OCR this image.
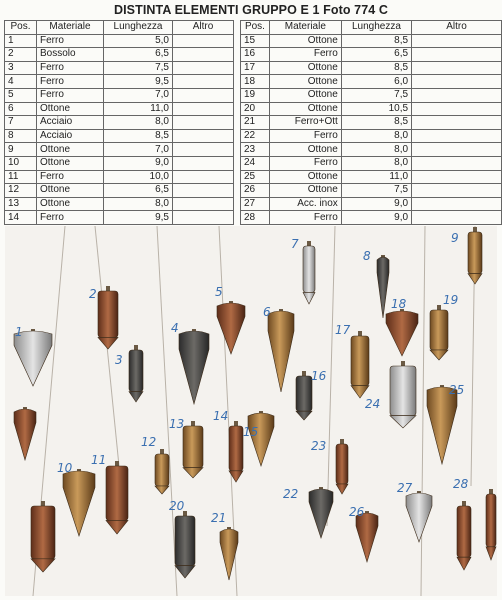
DISTINTA ELEMENTI GRUPPO E 1 Foto 774 C
Pos.	Materiale	Lunghezza	Altro
1	Ferro	5,0	
2	Bossolo	6,5	
3	Ferro	7,5	
4	Ferro	9,5	
5	Ferro	7,0	
6	Ottone	11,0	
7	Acciaio	8,0	
8	Acciaio	8,5	
9	Ottone	7,0	
10	Ottone	9,0	
11	Ferro	10,0	
12	Ottone	6,5	
13	Ottone	8,0	
14	Ferro	9,5	
Pos.	Materiale	Lunghezza	Altro
15	Ottone	8,5	
16	Ferro	6,5	
17	Ottone	8,5	
18	Ottone	6,0	
19	Ottone	7,5	
20	Ottone	10,5	
21	Ferro+Ott	8,5	
22	Ferro	8,0	
23	Ottone	8,0	
24	Ferro	8,0	
25	Ottone	11,0	
26	Ottone	7,5	
27	Acc. inox	9,0	
28	Ferro	9,0	
1
2
3
4
5
6
7
8
9
10
11
12
13
14
15
16
17
18	19
20
21
22
23
24
25
26
27	28
